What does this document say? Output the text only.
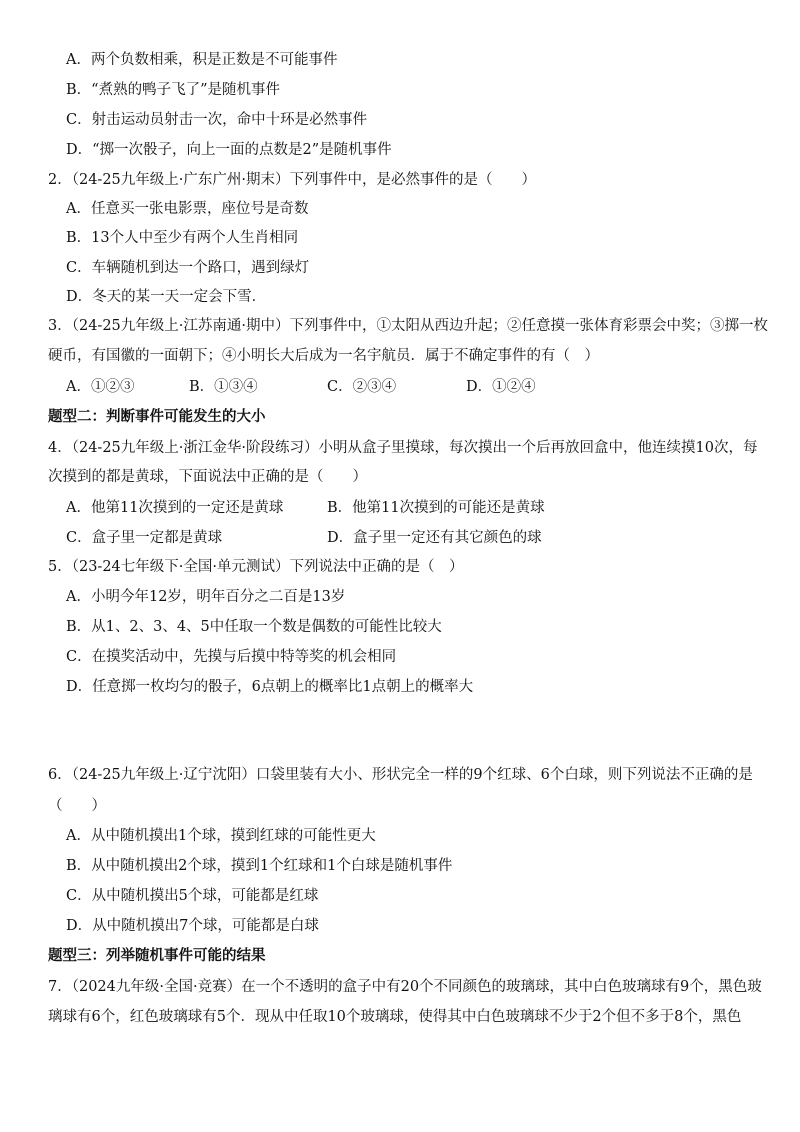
A．两个负数相乘，积是正数是不可能事件
B．“煮熟的鸭子飞了”是随机事件
C．射击运动员射击一次，命中十环是必然事件
D．“掷一次骰子，向上一面的点数是2”是随机事件
2．（24-25九年级上·广东广州·期末）下列事件中，是必然事件的是（　　）
A．任意买一张电影票，座位号是奇数
B．13个人中至少有两个人生肖相同
C．车辆随机到达一个路口，遇到绿灯
D．冬天的某一天一定会下雪．
3．（24-25九年级上·江苏南通·期中）下列事件中，①太阳从西边升起；②任意摸一张体育彩票会中奖；③掷一枚
硬币，有国徽的一面朝下；④小明长大后成为一名宇航员．属于不确定事件的有（　）
A．①②③	B．①③④	C．②③④	D．①②④
题型二：判断事件可能发生的大小
4．（24-25九年级上·浙江金华·阶段练习）小明从盒子里摸球，每次摸出一个后再放回盒中，他连续摸10次，每
次摸到的都是黄球，下面说法中正确的是（　　）
A．他第11次摸到的一定还是黄球	B．他第11次摸到的可能还是黄球
C．盒子里一定都是黄球	D．盒子里一定还有其它颜色的球
5．（23-24七年级下·全国·单元测试）下列说法中正确的是（　）
A．小明今年12岁，明年百分之二百是13岁
B．从1、2、3、4、5中任取一个数是偶数的可能性比较大
C．在摸奖活动中，先摸与后摸中特等奖的机会相同
D．任意掷一枚均匀的骰子，6点朝上的概率比1点朝上的概率大
6．（24-25九年级上·辽宁沈阳）口袋里装有大小、形状完全一样的9个红球、6个白球，则下列说法不正确的是
（　　）
A．从中随机摸出1个球，摸到红球的可能性更大
B．从中随机摸出2个球，摸到1个红球和1个白球是随机事件
C．从中随机摸出5个球，可能都是红球
D．从中随机摸出7个球，可能都是白球
题型三：列举随机事件可能的结果
7．（2024九年级·全国·竞赛）在一个不透明的盒子中有20个不同颜色的玻璃球，其中白色玻璃球有9个，黑色玻
璃球有6个，红色玻璃球有5个．现从中任取10个玻璃球，使得其中白色玻璃球不少于2个但不多于8个，黑色
